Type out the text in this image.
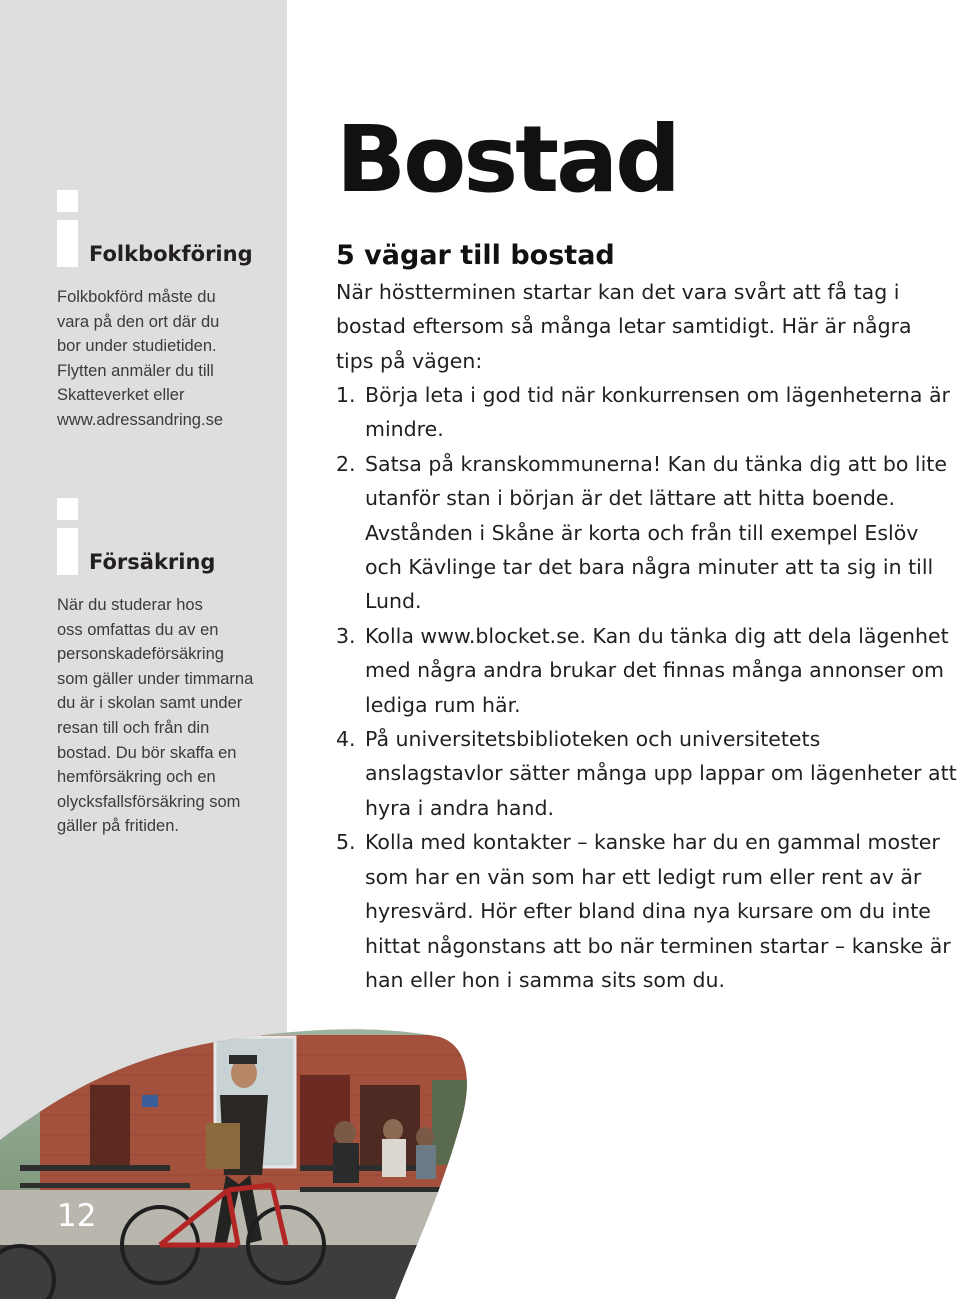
Folkbokföring
Folkbokförd måste du
vara på den ort där du
bor under studietiden.
Flytten anmäler du till
Skatteverket eller
www.adressandring.se
Försäkring
När du studerar hos
oss omfattas du av en
personskadeförsäkring
som gäller under timmarna
du är i skolan samt under
resan till och från din
bostad. Du bör skaffa en
hemförsäkring och en
olycksfallsförsäkring som
gäller på fritiden.
Bostad
5 vägar till bostad

När höstterminen startar kan det vara svårt att få tag i bostad eftersom så många letar samtidigt. Här är några tips på vägen:

1. Börja leta i god tid när konkurrensen om lägenheterna är mindre.
2. Satsa på kranskommunerna! Kan du tänka dig att bo lite utanför stan i början är det lättare att hitta boende. Avstånden i Skåne är korta och från till exempel Eslöv och Kävlinge tar det bara några minuter att ta sig in till Lund.
3. Kolla www.blocket.se. Kan du tänka dig att dela lägenhet med några andra brukar det finnas många annonser om lediga rum här.
4. På universitetsbiblioteken och universitetets anslagstavlor sätter många upp lappar om lägenheter att hyra i andra hand.
5. Kolla med kontakter – kanske har du en gammal moster som har en vän som har ett ledigt rum eller rent av är hyresvärd. Hör efter bland dina nya kursare om du inte hittat någonstans att bo när terminen startar – kanske är han eller hon i samma sits som du.
12
